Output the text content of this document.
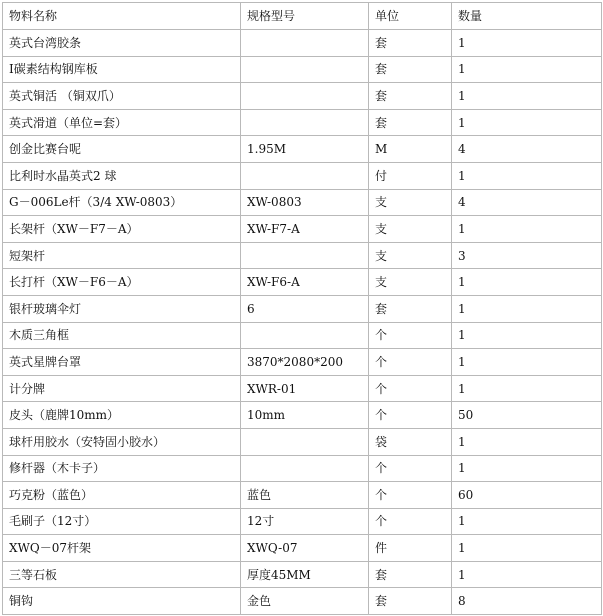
物料名称	规格型号	单位	数量
英式台湾胶条		套	1
I碳素结构钢库板		套	1
英式铜活 （铜双爪）		套	1
英式滑道（单位=套）		套	1
创金比赛台呢	1.95M	M	4
比利时水晶英式2 球		付	1
G－006Le杆（3/4 XW-0803）	XW-0803	支	4
长架杆（XW－F7－A）	XW-F7-A	支	1
短架杆		支	3
长打杆（XW－F6－A）	XW-F6-A	支	1
银杆玻璃伞灯	6	套	1
木质三角框		个	1
英式星牌台罩	3870*2080*200	个	1
计分牌	XWR-01	个	1
皮头（鹿牌10mm）	10mm	个	50
球杆用胶水（安特固小胶水）		袋	1
修杆器（木卡子）		个	1
巧克粉（蓝色）	蓝色	个	60
毛刷子（12寸）	12寸	个	1
XWQ－07杆架	XWQ-07	件	1
三等石板	厚度45MM	套	1
铜钩	金色	套	8
